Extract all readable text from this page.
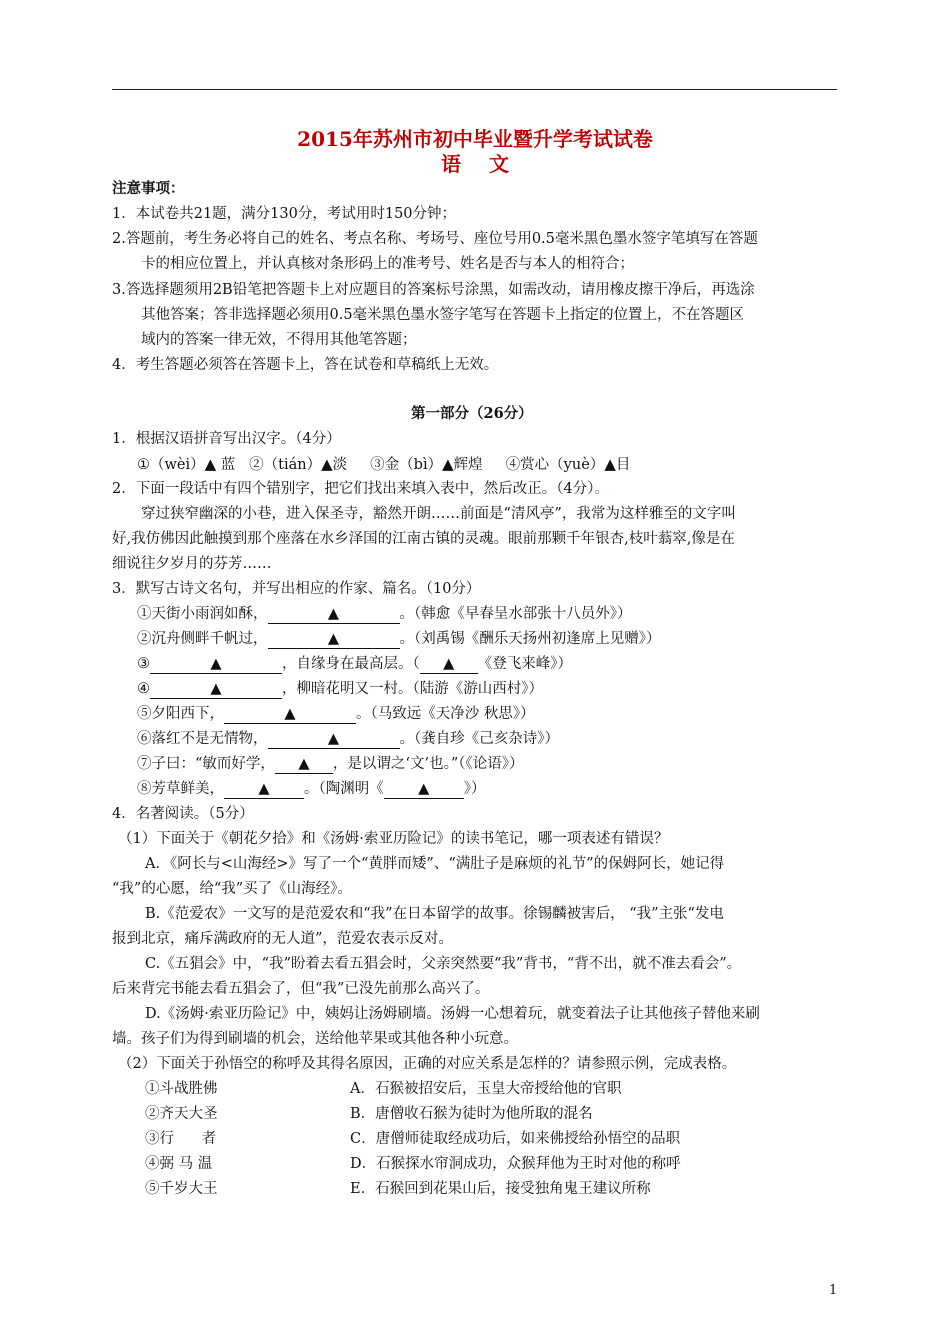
2015年苏州市初中毕业暨升学考试试卷
语文
注意事项：
1．本试卷共21题，满分130分，考试用时150分钟；
2.答题前，考生务必将自己的姓名、考点名称、考场号、座位号用0.5毫米黑色墨水签字笔填写在答题
卡的相应位置上，并认真核对条形码上的准考号、姓名是否与本人的相符合；
3.答选择题须用2B铅笔把答题卡上对应题目的答案标号涂黑，如需改动，请用橡皮擦干净后，再选涂
其他答案；答非选择题必须用0.5毫米黑色墨水签字笔写在答题卡上指定的位置上，不在答题区
域内的答案一律无效，不得用其他笔答题；
4．考生答题必须答在答题卡上，答在试卷和草稿纸上无效。
第一部分（26分）
1．根据汉语拼音写出汉字。（4分）
①（wèi）▲ 蓝 ②（tián）▲淡 ③金（bì）▲辉煌 ④赏心（yuè）▲目
2．下面一段话中有四个错别字，把它们找出来填入表中，然后改正。（4分）。
穿过狭窄幽深的小巷，进入保圣寺，豁然开朗……前面是“清风亭”，我常为这样雅至的文字叫
好,我仿佛因此触摸到那个座落在水乡泽国的江南古镇的灵魂。眼前那颗千年银杏,枝叶蓊窣,像是在
细说往夕岁月的芬芳……
3．默写古诗文名句，并写出相应的作家、篇名。（10分）
①天街小雨润如酥，	▲	。（韩愈《早春呈水部张十八员外》）
②沉舟侧畔千帆过，	▲	。（刘禹锡《酬乐天扬州初逢席上见赠》）
③	▲	，自缘身在最高层。（ ▲ 《登飞来峰》）
④	▲	，柳暗花明又一村。（陆游《游山西村》）
⑤夕阳西下，	▲	。（马致远《天净沙 秋思》）
⑥落红不是无情物，	▲	。（龚自珍《己亥杂诗》）
⑦子曰：“敏而好学， ▲ ，是以谓之‘文’也。”（《论语》）
⑧芳草鲜美， ▲ 。（陶渊明《 ▲ 》）
4．名著阅读。（5分）
（1）下面关于《朝花夕拾》和《汤姆·索亚历险记》的读书笔记，哪一项表述有错误？
A．《阿长与<山海经>》写了一个“黄胖而矮”、“满肚子是麻烦的礼节”的保姆阿长，她记得
“我”的心愿，给“我”买了《山海经》。
B.《范爱农》一文写的是范爱农和“我”在日本留学的故事。徐锡麟被害后， “我”主张“发电
报到北京，痛斥满政府的无人道”，范爱农表示反对。
C.《五猖会》中，“我”盼着去看五猖会时，父亲突然要“我”背书，“背不出，就不准去看会”。
后来背完书能去看五猖会了，但“我”已没先前那么高兴了。
D.《汤姆·索亚历险记》中，姨妈让汤姆刷墙。汤姆一心想着玩，就变着法子让其他孩子替他来刷
墙。孩子们为得到刷墙的机会，送给他苹果或其他各种小玩意。
（2）下面关于孙悟空的称呼及其得名原因，正确的对应关系是怎样的？请参照示例，完成表格。
①斗战胜佛	A．石猴被招安后，玉皇大帝授给他的官职
②齐天大圣	B．唐僧收石猴为徒时为他所取的混名
③行      者	C．唐僧师徒取经成功后，如来佛授给孙悟空的品职
④弼 马 温	D．石猴探水帘洞成功，众猴拜他为王时对他的称呼
⑤千岁大王	E．石猴回到花果山后，接受独角鬼王建议所称
1
